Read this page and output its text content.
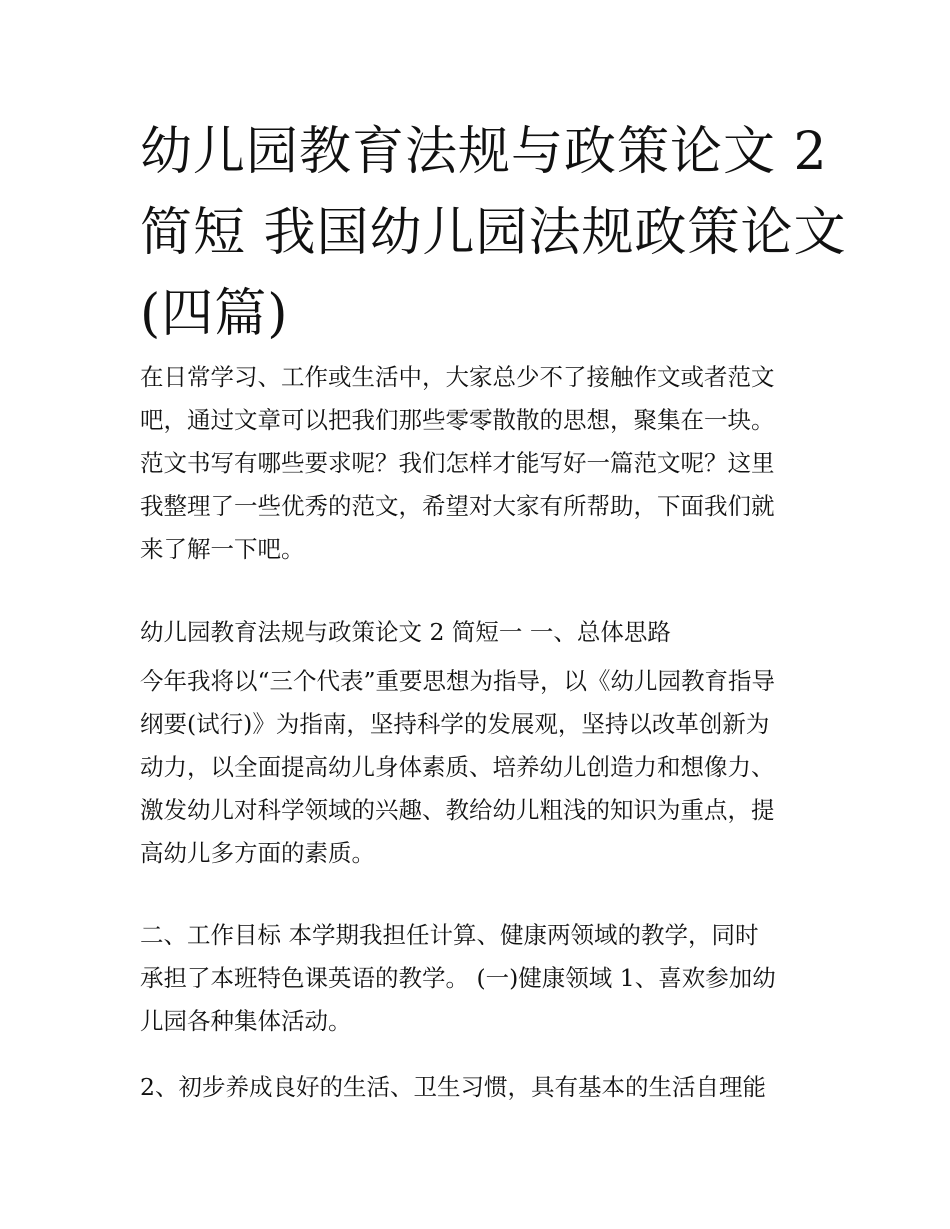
幼儿园教育法规与政策论文 2
简短 我国幼儿园法规政策论文
(四篇)

在日常学习、工作或生活中，大家总少不了接触作文或者范文
吧，通过文章可以把我们那些零零散散的思想，聚集在一块。
范文书写有哪些要求呢？我们怎样才能写好一篇范文呢？这里
我整理了一些优秀的范文，希望对大家有所帮助，下面我们就
来了解一下吧。

幼儿园教育法规与政策论文 2 简短一 一、总体思路

今年我将以“三个代表”重要思想为指导，以《幼儿园教育指导
纲要(试行)》为指南，坚持科学的发展观，坚持以改革创新为
动力，以全面提高幼儿身体素质、培养幼儿创造力和想像力、
激发幼儿对科学领域的兴趣、教给幼儿粗浅的知识为重点，提
高幼儿多方面的素质。

二、工作目标 本学期我担任计算、健康两领域的教学，同时
承担了本班特色课英语的教学。 (一)健康领域 1、喜欢参加幼
儿园各种集体活动。

2、初步养成良好的生活、卫生习惯，具有基本的生活自理能
